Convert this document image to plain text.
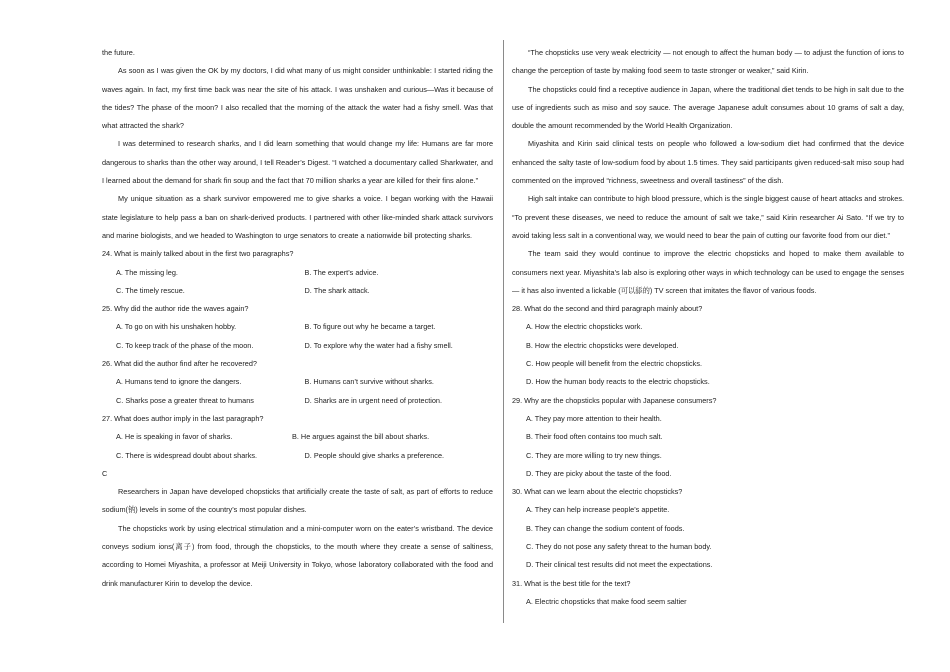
the future.

As soon as I was given the OK by my doctors, I did what many of us might consider unthinkable: I started riding the waves again. In fact, my first time back was near the site of his attack. I was unshaken and curious—Was it because of the tides? The phase of the moon? I also recalled that the morning of the attack the water had a fishy smell. Was that what attracted the shark?

I was determined to research sharks, and I did learn something that would change my life: Humans are far more dangerous to sharks than the other way around, I tell Reader’s Digest. “I watched a documentary called Sharkwater, and I learned about the demand for shark fin soup and the fact that 70 million sharks a year are killed for their fins alone.”

My unique situation as a shark survivor empowered me to give sharks a voice. I began working with the Hawaii state legislature to help pass a ban on shark-derived products. I partnered with other like-minded shark attack survivors and marine biologists, and we headed to Washington to urge senators to create a nationwide bill protecting sharks.

24. What is mainly talked about in the first two paragraphs?

A. The missing leg.	B. The expert’s advice.
C. The timely rescue.	D. The shark attack.

25. Why did the author ride the waves again?

A. To go on with his unshaken hobby.	B. To figure out why he became a target.
C. To keep track of the phase of the moon.	D. To explore why the water had a fishy smell.

26. What did the author find after he recovered?

A. Humans tend to ignore the dangers.	B. Humans can’t survive without sharks.
C. Sharks pose a greater threat to humans	D. Sharks are in urgent need of protection.

27. What does author imply in the last paragraph?

A. He is speaking in favor of sharks.	B. He argues against the bill about sharks.
C. There is widespread doubt about sharks.	D. People should give sharks a preference.

C

Researchers in Japan have developed chopsticks that artificially create the taste of salt, as part of efforts to reduce sodium(钠) levels in some of the country’s most popular dishes.

The chopsticks work by using electrical stimulation and a mini-computer worn on the eater’s wristband. The device conveys sodium ions(离子) from food, through the chopsticks, to the mouth where they create a sense of saltiness, according to Homei Miyashita, a professor at Meiji University in Tokyo, whose laboratory collaborated with the food and drink manufacturer Kirin to develop the device.

“The chopsticks use very weak electricity — not enough to affect the human body — to adjust the function of ions to change the perception of taste by making food seem to taste stronger or weaker,” said Kirin.

The chopsticks could find a receptive audience in Japan, where the traditional diet tends to be high in salt due to the use of ingredients such as miso and soy sauce. The average Japanese adult consumes about 10 grams of salt a day, double the amount recommended by the World Health Organization.

Miyashita and Kirin said clinical tests on people who followed a low-sodium diet had confirmed that the device enhanced the salty taste of low-sodium food by about 1.5 times. They said participants given reduced-salt miso soup had commented on the improved “richness, sweetness and overall tastiness” of the dish.

High salt intake can contribute to high blood pressure, which is the single biggest cause of heart attacks and strokes. “To prevent these diseases, we need to reduce the amount of salt we take,” said Kirin researcher Ai Sato. “If we try to avoid taking less salt in a conventional way, we would need to bear the pain of cutting our favorite food from our diet.”

The team said they would continue to improve the electric chopsticks and hoped to make them available to consumers next year. Miyashita’s lab also is exploring other ways in which technology can be used to engage the senses — it has also invented a lickable (可以舔的) TV screen that imitates the flavor of various foods.

28. What do the second and third paragraph mainly about?

A. How the electric chopsticks work.
B. How the electric chopsticks were developed.
C. How people will benefit from the electric chopsticks.
D. How the human body reacts to the electric chopsticks.

29. Why are the chopsticks popular with Japanese consumers?

A. They pay more attention to their health.
B. Their food often contains too much salt.
C. They are more willing to try new things.
D. They are picky about the taste of the food.

30. What can we learn about the electric chopsticks?

A. They can help increase people’s appetite.
B. They can change the sodium content of foods.
C. They do not pose any safety threat to the human body.
D. Their clinical test results did not meet the expectations.

31. What is the best title for the text?

A. Electric chopsticks that make food seem saltier
